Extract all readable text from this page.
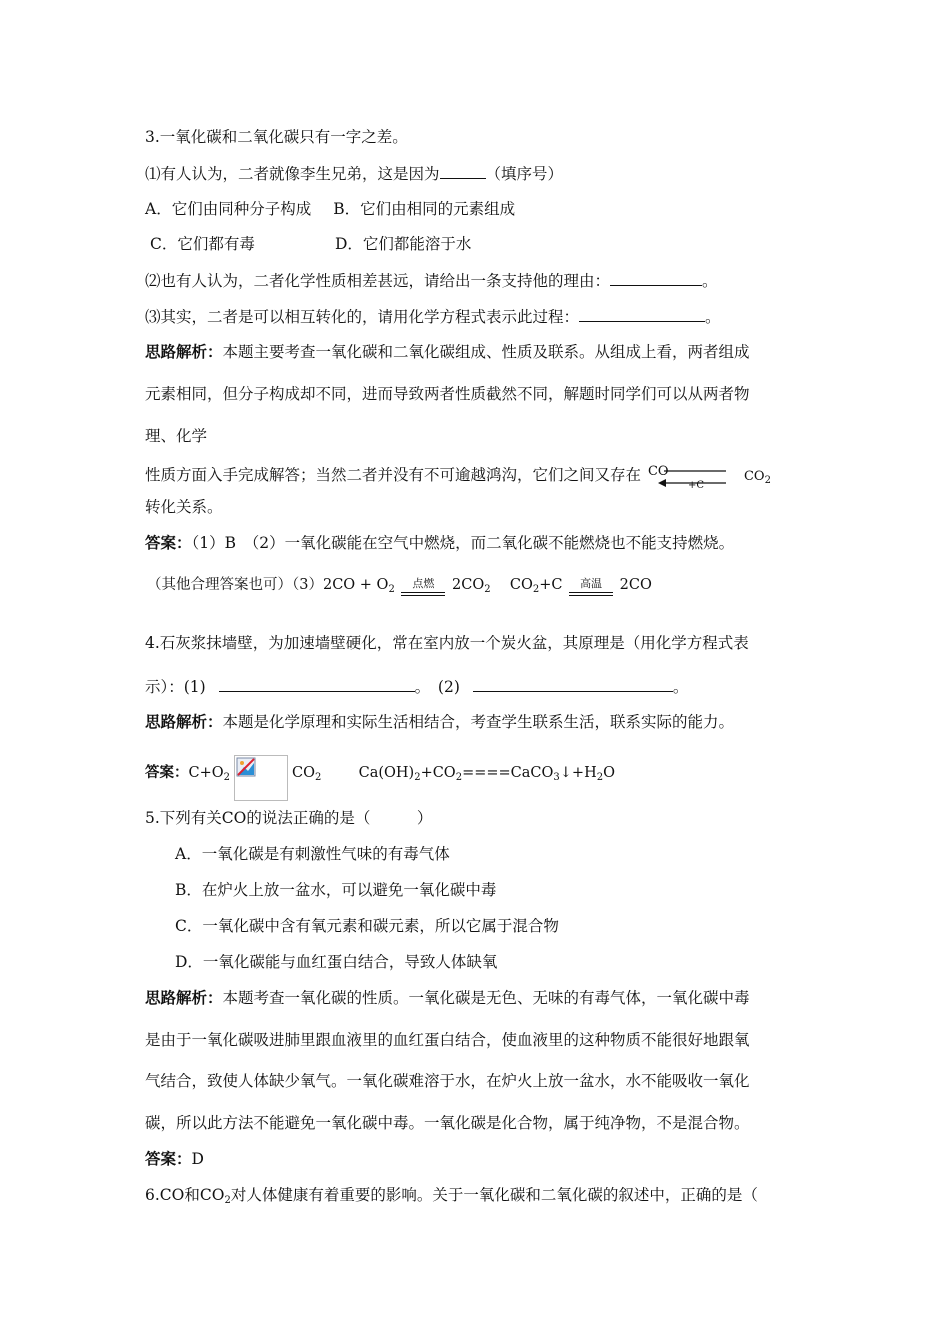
3.一氧化碳和二氧化碳只有一字之差。
⑴有人认为，二者就像李生兄弟，这是因为	（填序号）
A．它们由同种分子构成 B．它们由相同的元素组成
C．它们都有毒	D．它们都能溶于水
⑵也有人认为，二者化学性质相差甚远，请给出一条支持他的理由：	。
⑶其实，二者是可以相互转化的，请用化学方程式表示此过程：	。
思路解析：本题主要考查一氧化碳和二氧化碳组成、性质及联系。从组成上看，两者组成
元素相同，但分子构成却不同，进而导致两者性质截然不同，解题时同学们可以从两者物
理、化学
性质方面入手完成解答；当然二者并没有不可逾越鸿沟，它们之间又存在 CO
+C
$CO_2$
转化关系。
答案：（1）B　（2）一氧化碳能在空气中燃烧，而二氧化碳不能燃烧也不能支持燃烧。
（其他合理答案也可）$(3)2CO + O_2$	点燃	$2CO_2$ $CO_2+C$	高温	2CO
4.石灰浆抹墙壁，为加速墙壁硬化，常在室内放一个炭火盆，其原理是（用化学方程式表
示）：(1)	。　(2)	。
思路解析：本题是化学原理和实际生活相结合，考查学生联系生活，联系实际的能力。
答案：$C+O_2$	$CO_2$	$Ca(OH)_2+CO_2====CaCO_3↓+H_2O$
5.下列有关CO的说法正确的是（　　　）
A．一氧化碳是有刺激性气味的有毒气体
B．在炉火上放一盆水，可以避免一氧化碳中毒
C．一氧化碳中含有氧元素和碳元素，所以它属于混合物
D．一氧化碳能与血红蛋白结合，导致人体缺氧
思路解析：本题考查一氧化碳的性质。一氧化碳是无色、无味的有毒气体，一氧化碳中毒
是由于一氧化碳吸进肺里跟血液里的血红蛋白结合，使血液里的这种物质不能很好地跟氧
气结合，致使人体缺少氧气。一氧化碳难溶于水，在炉火上放一盆水，水不能吸收一氧化
碳，所以此方法不能避免一氧化碳中毒。一氧化碳是化合物，属于纯净物，不是混合物。
答案：D
6.CO和$CO_2$对人体健康有着重要的影响。关于一氧化碳和二氧化碳的叙述中，正确的是（
